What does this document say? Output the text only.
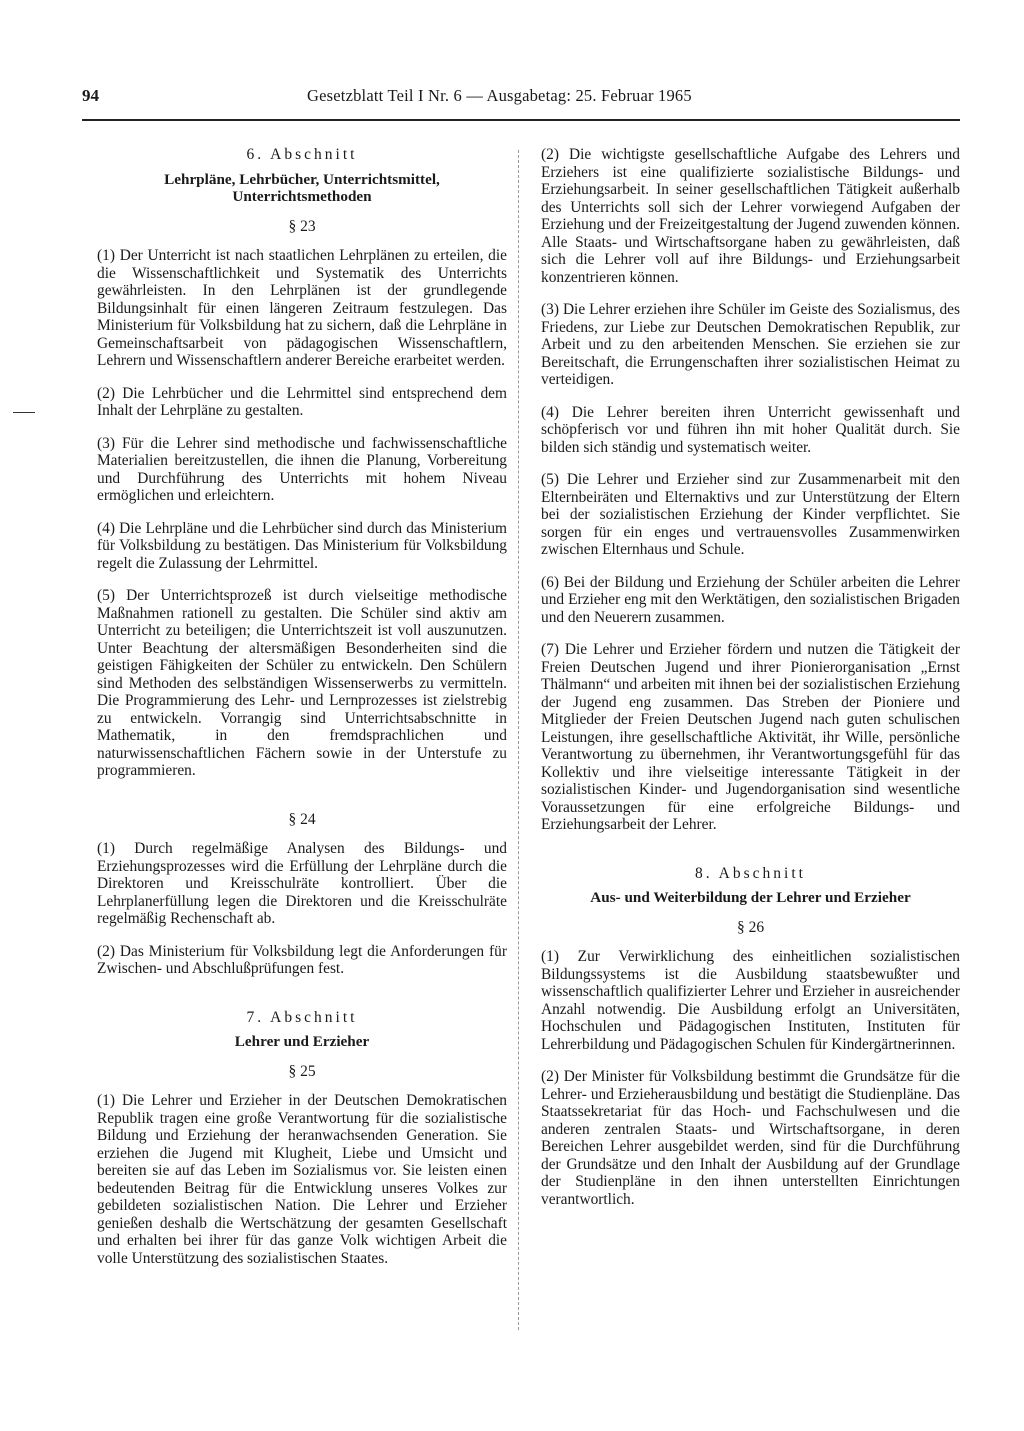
94	Gesetzblatt Teil I Nr. 6 — Ausgabetag: 25. Februar 1965
6. Abschnitt
Lehrpläne, Lehrbücher, Unterrichtsmittel, Unterrichtsmethoden
§ 23

(1) Der Unterricht ist nach staatlichen Lehrplänen zu erteilen, die die Wissenschaftlichkeit und Systematik des Unterrichts gewährleisten. In den Lehrplänen ist der grundlegende Bildungsinhalt für einen längeren Zeitraum festzulegen. Das Ministerium für Volksbildung hat zu sichern, daß die Lehrpläne in Gemeinschaftsarbeit von pädagogischen Wissenschaftlern, Lehrern und Wissenschaftlern anderer Bereiche erarbeitet werden.

(2) Die Lehrbücher und die Lehrmittel sind entsprechend dem Inhalt der Lehrpläne zu gestalten.

(3) Für die Lehrer sind methodische und fachwissenschaftliche Materialien bereitzustellen, die ihnen die Planung, Vorbereitung und Durchführung des Unterrichts mit hohem Niveau ermöglichen und erleichtern.

(4) Die Lehrpläne und die Lehrbücher sind durch das Ministerium für Volksbildung zu bestätigen. Das Ministerium für Volksbildung regelt die Zulassung der Lehrmittel.

(5) Der Unterrichtsprozeß ist durch vielseitige methodische Maßnahmen rationell zu gestalten. Die Schüler sind aktiv am Unterricht zu beteiligen; die Unterrichtszeit ist voll auszunutzen. Unter Beachtung der altersmäßigen Besonderheiten sind die geistigen Fähigkeiten der Schüler zu entwickeln. Den Schülern sind Methoden des selbständigen Wissenserwerbs zu vermitteln. Die Programmierung des Lehr- und Lernprozesses ist zielstrebig zu entwickeln. Vorrangig sind Unterrichtsabschnitte in Mathematik, in den fremdsprachlichen und naturwissenschaftlichen Fächern sowie in der Unterstufe zu programmieren.

§ 24

(1) Durch regelmäßige Analysen des Bildungs- und Erziehungsprozesses wird die Erfüllung der Lehrpläne durch die Direktoren und Kreisschulräte kontrolliert. Über die Lehrplanerfüllung legen die Direktoren und die Kreisschulräte regelmäßig Rechenschaft ab.

(2) Das Ministerium für Volksbildung legt die Anforderungen für Zwischen- und Abschlußprüfungen fest.

7. Abschnitt
Lehrer und Erzieher
§ 25

(1) Die Lehrer und Erzieher in der Deutschen Demokratischen Republik tragen eine große Verantwortung für die sozialistische Bildung und Erziehung der heranwachsenden Generation. Sie erziehen die Jugend mit Klugheit, Liebe und Umsicht und bereiten sie auf das Leben im Sozialismus vor. Sie leisten einen bedeutenden Beitrag für die Entwicklung unseres Volkes zur gebildeten sozialistischen Nation. Die Lehrer und Erzieher genießen deshalb die Wertschätzung der gesamten Gesellschaft und erhalten bei ihrer für das ganze Volk wichtigen Arbeit die volle Unterstützung des sozialistischen Staates.

(2) Die wichtigste gesellschaftliche Aufgabe des Lehrers und Erziehers ist eine qualifizierte sozialistische Bildungs- und Erziehungsarbeit. In seiner gesellschaftlichen Tätigkeit außerhalb des Unterrichts soll sich der Lehrer vorwiegend Aufgaben der Erziehung und der Freizeitgestaltung der Jugend zuwenden können. Alle Staats- und Wirtschaftsorgane haben zu gewährleisten, daß sich die Lehrer voll auf ihre Bildungs- und Erziehungsarbeit konzentrieren können.

(3) Die Lehrer erziehen ihre Schüler im Geiste des Sozialismus, des Friedens, zur Liebe zur Deutschen Demokratischen Republik, zur Arbeit und zu den arbeitenden Menschen. Sie erziehen sie zur Bereitschaft, die Errungenschaften ihrer sozialistischen Heimat zu verteidigen.

(4) Die Lehrer bereiten ihren Unterricht gewissenhaft und schöpferisch vor und führen ihn mit hoher Qualität durch. Sie bilden sich ständig und systematisch weiter.

(5) Die Lehrer und Erzieher sind zur Zusammenarbeit mit den Elternbeiräten und Elternaktivs und zur Unterstützung der Eltern bei der sozialistischen Erziehung der Kinder verpflichtet. Sie sorgen für ein enges und vertrauensvolles Zusammenwirken zwischen Elternhaus und Schule.

(6) Bei der Bildung und Erziehung der Schüler arbeiten die Lehrer und Erzieher eng mit den Werktätigen, den sozialistischen Brigaden und den Neuerern zusammen.

(7) Die Lehrer und Erzieher fördern und nutzen die Tätigkeit der Freien Deutschen Jugend und ihrer Pionierorganisation „Ernst Thälmann“ und arbeiten mit ihnen bei der sozialistischen Erziehung der Jugend eng zusammen. Das Streben der Pioniere und Mitglieder der Freien Deutschen Jugend nach guten schulischen Leistungen, ihre gesellschaftliche Aktivität, ihr Wille, persönliche Verantwortung zu übernehmen, ihr Verantwortungsgefühl für das Kollektiv und ihre vielseitige interessante Tätigkeit in der sozialistischen Kinder- und Jugendorganisation sind wesentliche Voraussetzungen für eine erfolgreiche Bildungs- und Erziehungsarbeit der Lehrer.

8. Abschnitt
Aus- und Weiterbildung der Lehrer und Erzieher
§ 26

(1) Zur Verwirklichung des einheitlichen sozialistischen Bildungssystems ist die Ausbildung staatsbewußter und wissenschaftlich qualifizierter Lehrer und Erzieher in ausreichender Anzahl notwendig. Die Ausbildung erfolgt an Universitäten, Hochschulen und Pädagogischen Instituten, Instituten für Lehrerbildung und Pädagogischen Schulen für Kindergärtnerinnen.

(2) Der Minister für Volksbildung bestimmt die Grundsätze für die Lehrer- und Erzieherausbildung und bestätigt die Studienpläne. Das Staatssekretariat für das Hoch- und Fachschulwesen und die anderen zentralen Staats- und Wirtschaftsorgane, in deren Bereichen Lehrer ausgebildet werden, sind für die Durchführung der Grundsätze und den Inhalt der Ausbildung auf der Grundlage der Studienpläne in den ihnen unterstellten Einrichtungen verantwortlich.
